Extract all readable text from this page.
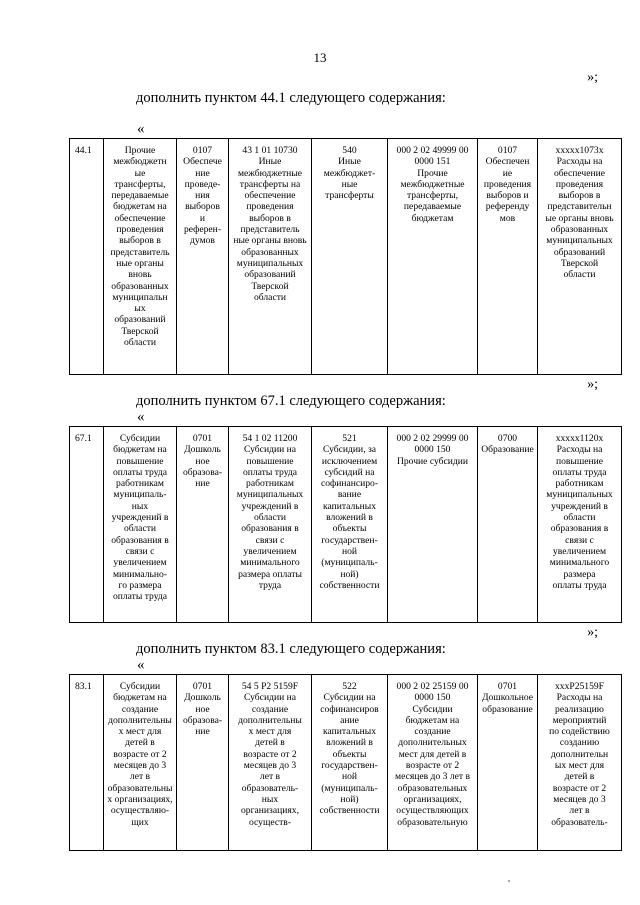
13
»;
дополнить пунктом 44.1 следующего содержания:
«
44.1	Прочие
межбюджетн
ые
трансферты,
передаваемые
бюджетам на
обеспечение
проведения
выборов в
представитель
ные органы
вновь
образованных
муниципальн
ых
образований
Тверской
области

0107
Обеспече
ние
проведе-
ния
выборов
и
референ-
думов

43 1 01 10730
Иные
межбюджетные
трансферты на
обеспечение
проведения
выборов в
представитель
ные органы вновь
образованных
муниципальных
образований
Тверской
области

540
Иные
межбюджет-
ные
трансферты

000 2 02 49999 00
0000 151
Прочие
межбюджетные
трансферты,
передаваемые
бюджетам

0107
Обеспечен
ие
проведения
выборов и
референду
мов

xxxxx1073x
Расходы на
обеспечение
проведения
выборов в
представительн
ые органы вновь
образованных
муниципальных
образований
Тверской
области
»;
дополнить пунктом 67.1 следующего содержания:
«
67.1	Субсидии
бюджетам на
повышение
оплаты труда
работникам
муниципаль-
ных
учреждений в
области
образования в
связи с
увеличением
минимально-
го размера
оплаты труда

0701
Дошколь
ное
образова-
ние

54 1 02 11200
Субсидии на
повышение
оплаты труда
работникам
муниципальных
учреждений в
области
образования в
связи с
увеличением
минимального
размера оплаты
труда

521
Субсидии, за
исключением
субсидий на
софинансиро-
вание
капитальных
вложений в
объекты
государствен-
ной
(муниципаль-
ной)
собственности

000 2 02 29999 00
0000 150
Прочие субсидии

0700
Образование

xxxxx1120x
Расходы на
повышение
оплаты труда
работникам
муниципальных
учреждений в
области
образования в
связи с
увеличением
минимального
размера
оплаты труда
»;
дополнить пунктом 83.1 следующего содержания:
«
83.1	Субсидии
бюджетам на
создание
дополнительны
х мест для
детей в
возрасте от 2
месяцев до 3
лет в
образовательны
х организациях,
осуществляю-
щих

0701
Дошколь
ное
образова-
ние

54 5 P2 5159F
Субсидии на
создание
дополнительны
х мест для
детей в
возрасте от 2
месяцев до 3
лет в
образователь-
ных
организациях,
осуществ-

522
Субсидии на
софинансиров
ание
капитальных
вложений в
объекты
государствен-
ной
(муниципаль-
ной)
собственности

000 2 02 25159 00
0000 150
Субсидии
бюджетам на
создание
дополнительных
мест для детей в
возрасте от 2
месяцев до 3 лет в
образовательных
организациях,
осуществляющих
образовательную

0701
Дошкольное
образование

xxxP25159F
Расходы на
реализацию
мероприятий
по содействию
созданию
дополнительн
ых мест для
детей в
возрасте от 2
месяцев до 3
лет в
образователь-
